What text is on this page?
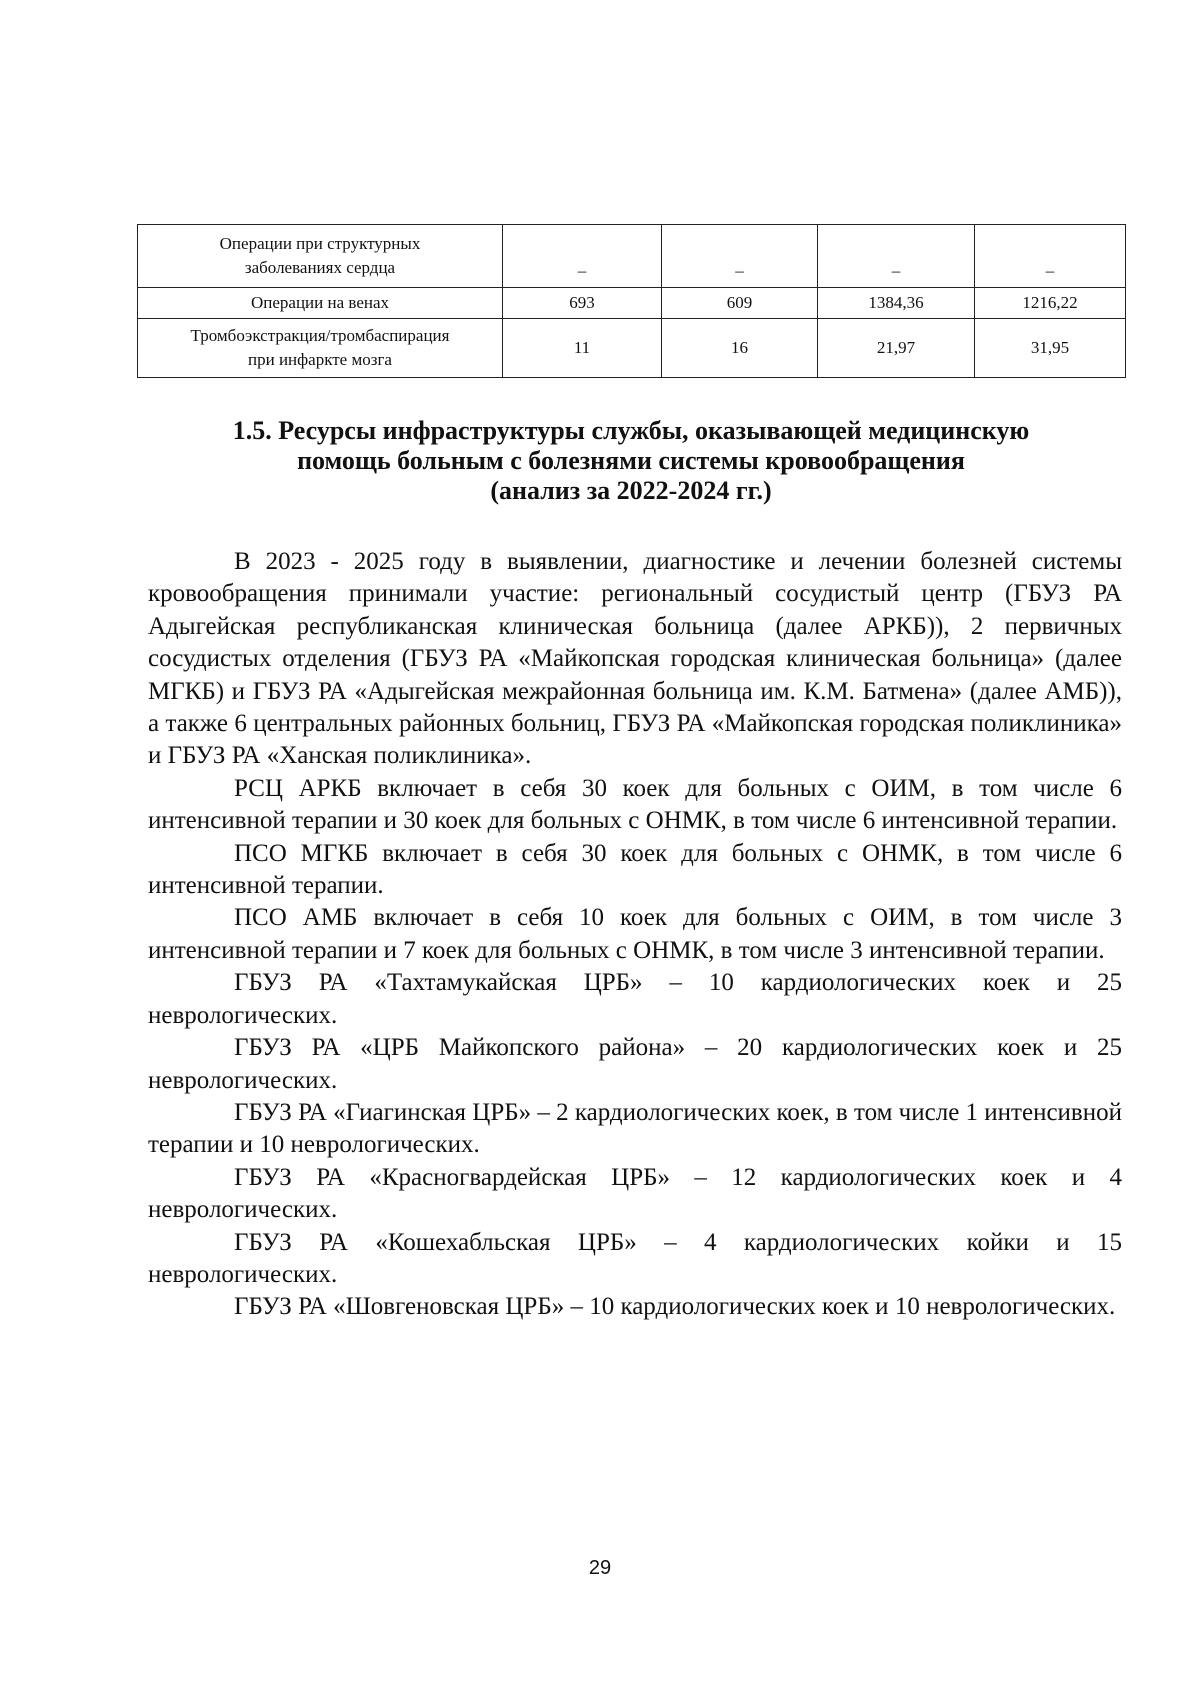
Операции при структурных
заболеваниях сердца	–	–	–	–
Операции на венах	693	609	1384,36	1216,22
Тромбоэкстракция/тромбаспирация
при инфаркте мозга	11	16	21,97	31,95
1.5. Ресурсы инфраструктуры службы, оказывающей медицинскую
помощь больным с болезнями системы кровообращения
(анализ за 2022-2024 гг.)

В 2023 - 2025 году в выявлении, диагностике и лечении болезней системы кровообращения принимали участие: региональный сосудистый центр (ГБУЗ РА Адыгейская республиканская клиническая больница (далее АРКБ)), 2 первичных сосудистых отделения (ГБУЗ РА «Майкопская городская клиническая больница» (далее МГКБ) и ГБУЗ РА «Адыгейская межрайонная больница им. К.М. Батмена» (далее АМБ)), а также 6 центральных районных больниц, ГБУЗ РА «Майкопская городская поликлиника» и ГБУЗ РА «Ханская поликлиника».

РСЦ АРКБ включает в себя 30 коек для больных с ОИМ, в том числе 6 интенсивной терапии и 30 коек для больных с ОНМК, в том числе 6 интенсивной терапии.

ПСО МГКБ включает в себя 30 коек для больных с ОНМК, в том числе 6 интенсивной терапии.

ПСО АМБ включает в себя 10 коек для больных с ОИМ, в том числе 3 интенсивной терапии и 7 коек для больных с ОНМК, в том числе 3 интенсивной терапии.

ГБУЗ РА «Тахтамукайская ЦРБ» – 10 кардиологических коек и 25 неврологических.

ГБУЗ РА «ЦРБ Майкопского района» – 20 кардиологических коек и 25 неврологических.

ГБУЗ РА «Гиагинская ЦРБ» – 2 кардиологических коек, в том числе 1 интенсивной терапии и 10 неврологических.

ГБУЗ РА «Красногвардейская ЦРБ» – 12 кардиологических коек и 4 неврологических.

ГБУЗ РА «Кошехабльская ЦРБ» – 4 кардиологических койки и 15 неврологических.

ГБУЗ РА «Шовгеновская ЦРБ» – 10 кардиологических коек и 10 неврологических.

29
